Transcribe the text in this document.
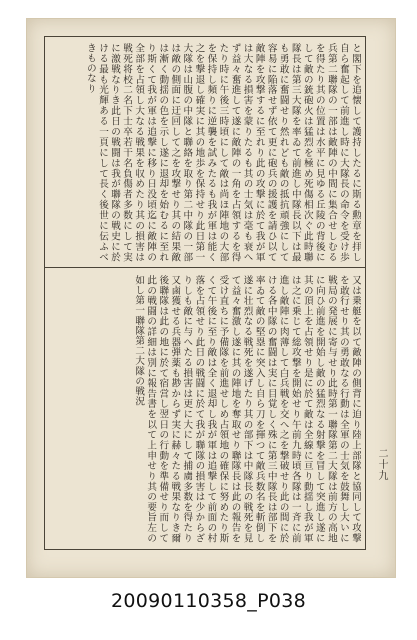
と閣下を追懐して護持したるに斯る勲章を拝し自ら奮起して前進し時に大隊長の命令を受け歩兵第二聯隊の一部は敵陣の中間に集合せしむるを得たり其の位置は水平に見ゆる丘陵の背後にして敵の銃砲火は猛烈を極め死傷相次ぐ此時聯隊長は第三大隊を率ゐて前進し中隊長以下は最も勇敢に奮闘せり然れども敵の抵抗頑強にして容易に陥落せず依て更に砲兵の援護を請ひ以て敵陣を攻撃するに至れり此の攻撃に於て我が軍は大なる損害を蒙りたるも其の士気は毫も衰へず益々奮進して遂に敵陣の一角を占領するを得たり時に午後三時頃にして敵は尚ほ陣地の大部を保持し頻りに逆襲を試みたるも我が軍は能く之を撃退し確実に其の地歩を保持せり此日第一大隊は山腹の中隊と聯絡を取り第二中隊の一部は敵の側面に迂回して之を攻撃せり其の結果敵は漸く動揺の色を示し遂に退却を始むるに至れり斯くて我が軍は追撃に移り日没頃迄に敵陣の全部を占領し大なる戦果を収めたり其の損害は戦死将校二名下士卒若干名負傷者多数にして実に激戦なりき此日の戦闘は我が聯隊の戦史に於ける最も光輝ある一頁にして長く後世に伝ふべきものなり
又は乗艇を以て敵陣の側背に迫り陸上部隊と協同して攻撃を敢行せり其の勇敢なる行動は全軍の士気を鼓舞し大いに戦局の発展に寄与せり此時第一聯隊第二大隊は前方の高地に向ひ前進を開始し敵の猛烈なる射撃を冒して突進し遂に其の頂上を占領せり是に於て敵は全線に亘り動揺し我が軍は之に乗じて総攻撃を開始せり午前九時頃各隊は一斉に前進し敵陣に肉薄して白兵戦を交へ之を撃破せり此の間に於ける各中隊の奮闘は実に目覚しく殊に第三中隊長は部下を率ゐて敵の堅塁に突入し自ら刀を揮つて敵兵数名を斬倒し遂に壮烈なる戦死を遂げたり其の部下は中隊長の戦死を見て益々奮激し遂に其の陣地を奪取せり聯隊長は此の報告を受け直ちに予備隊を前進せしめ占領地の確保に努めたり斯くて午後に至り敵は全く退却し我が軍は追撃して前面の村落を占領せり此日の戦闘に於て我が聯隊の損害は少からざりしも敵に与へたる損害は更に大にして捕虜多数を得たり又鹵獲せる兵器弾薬も尠からず実に赫々たる戦果なりき爾後聯隊は此の地に於て宿営し翌日の行動を準備せり而して此の戦闘の詳細は別に報告書を以て上申せり其の要旨左の如し第一聯隊第二大隊の戦況
二十九
20090110358_P038
